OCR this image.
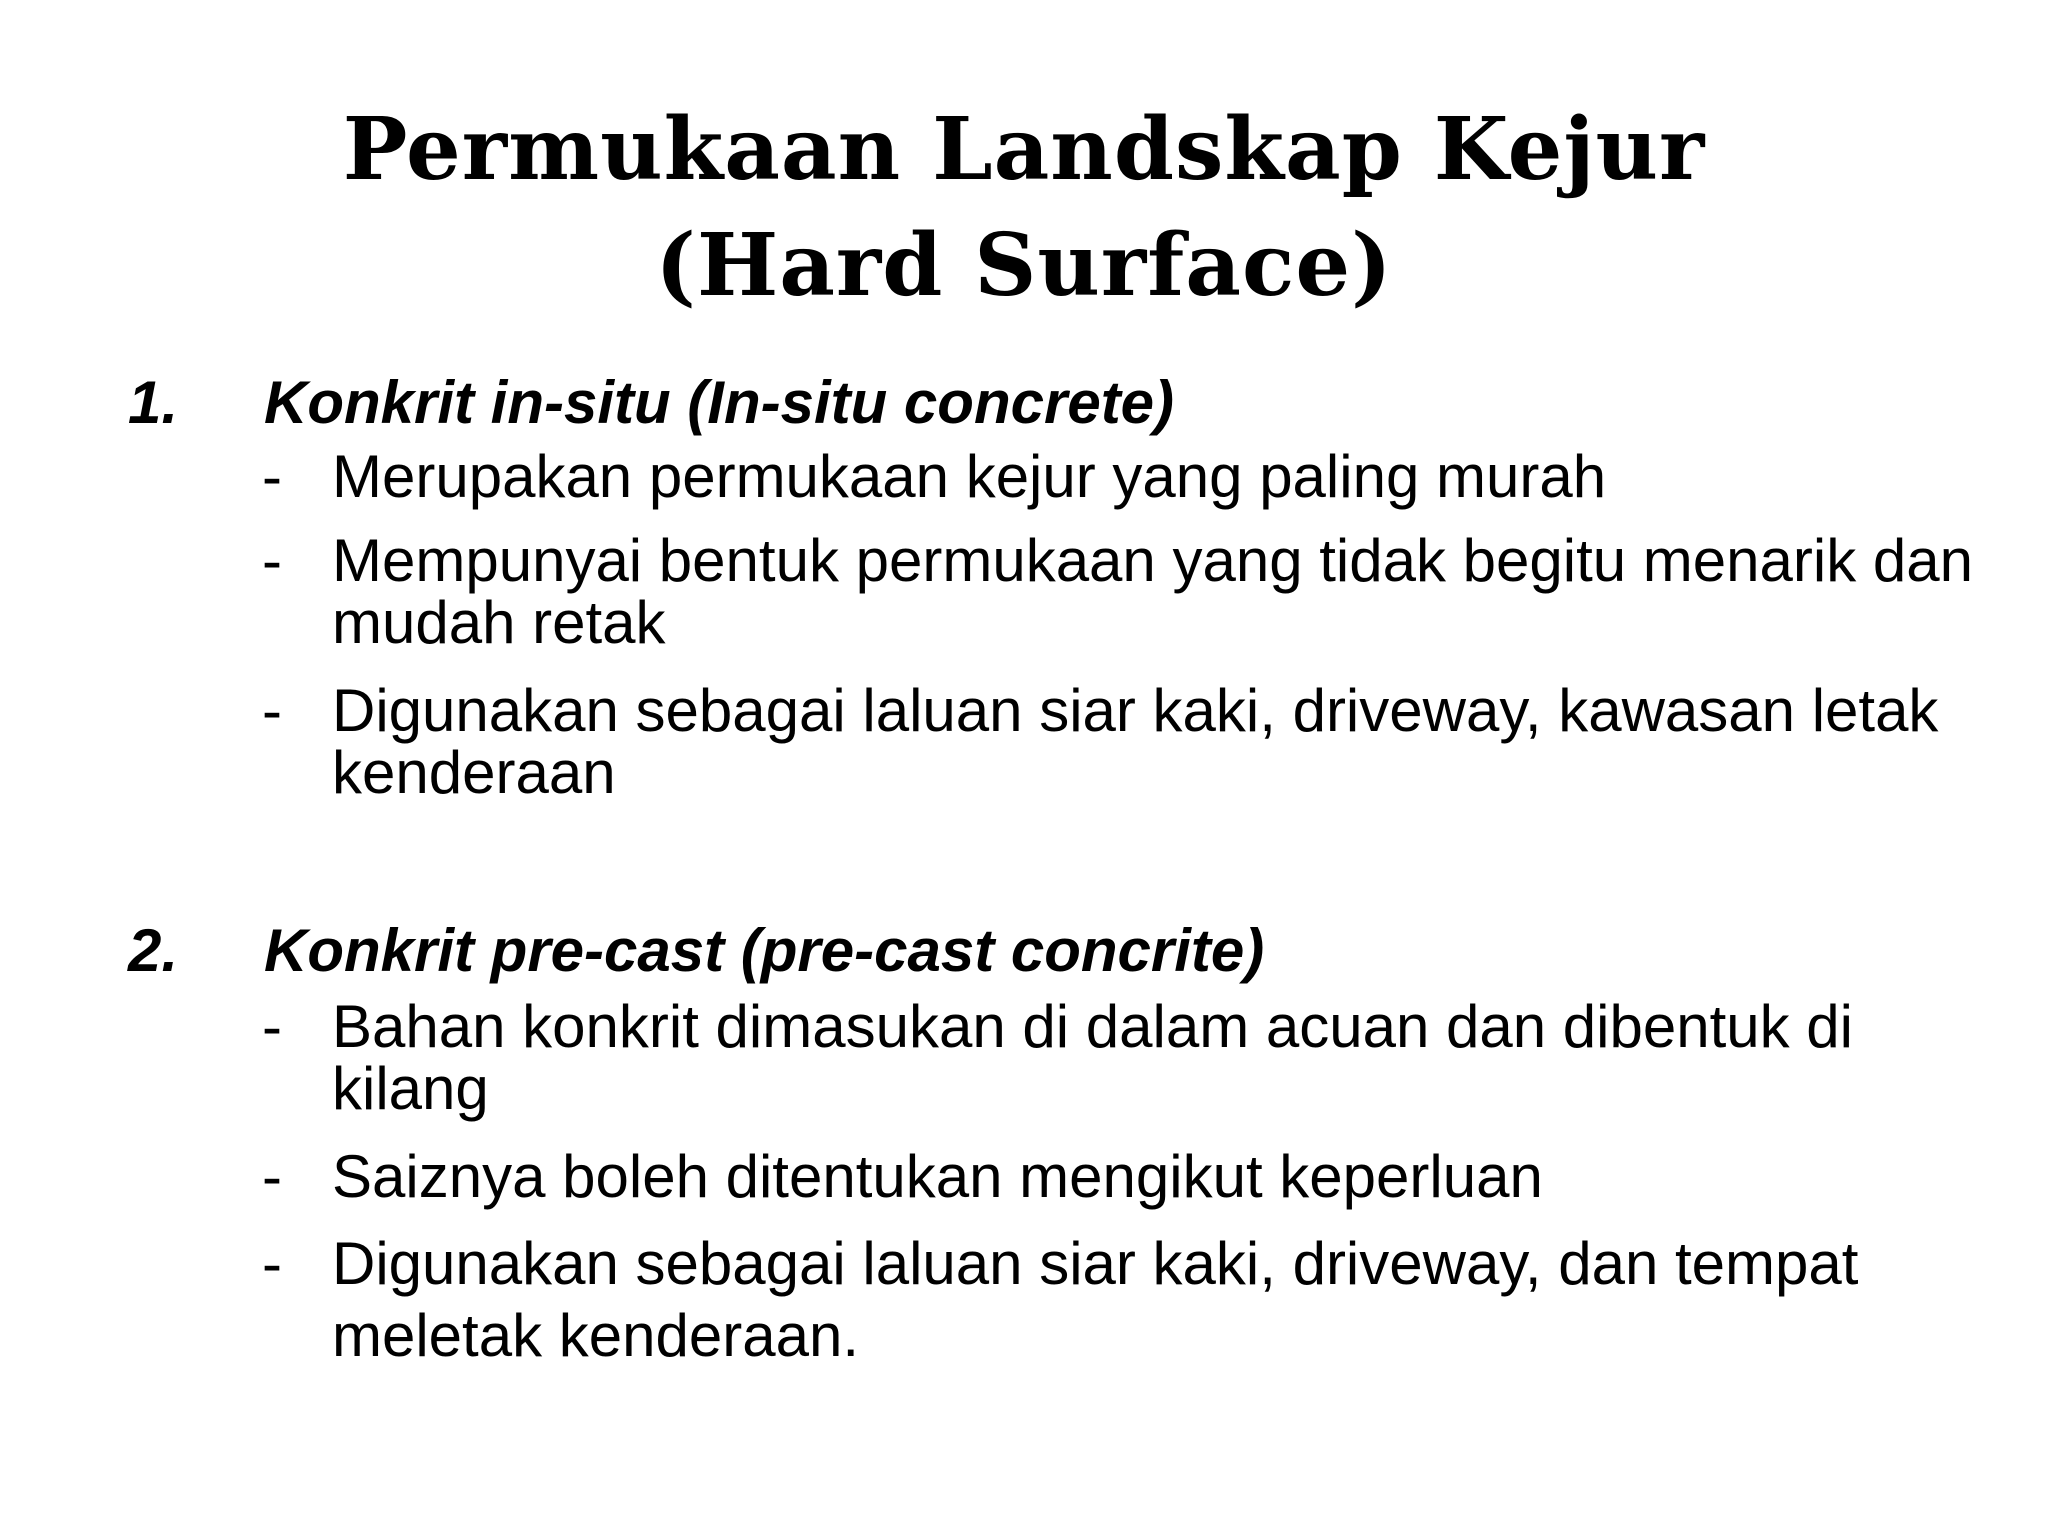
Permukaan Landskap Kejur
(Hard Surface)
1. Konkrit in-situ (In-situ concrete)
- Merupakan permukaan kejur yang paling murah
- Mempunyai bentuk permukaan yang tidak begitu menarik dan mudah retak
- Digunakan sebagai laluan siar kaki, driveway, kawasan letak kenderaan
2. Konkrit pre-cast (pre-cast concrite)
- Bahan konkrit dimasukan di dalam acuan dan dibentuk di kilang
- Saiznya boleh ditentukan mengikut keperluan
- Digunakan sebagai laluan siar kaki, driveway, dan tempat meletak kenderaan.
